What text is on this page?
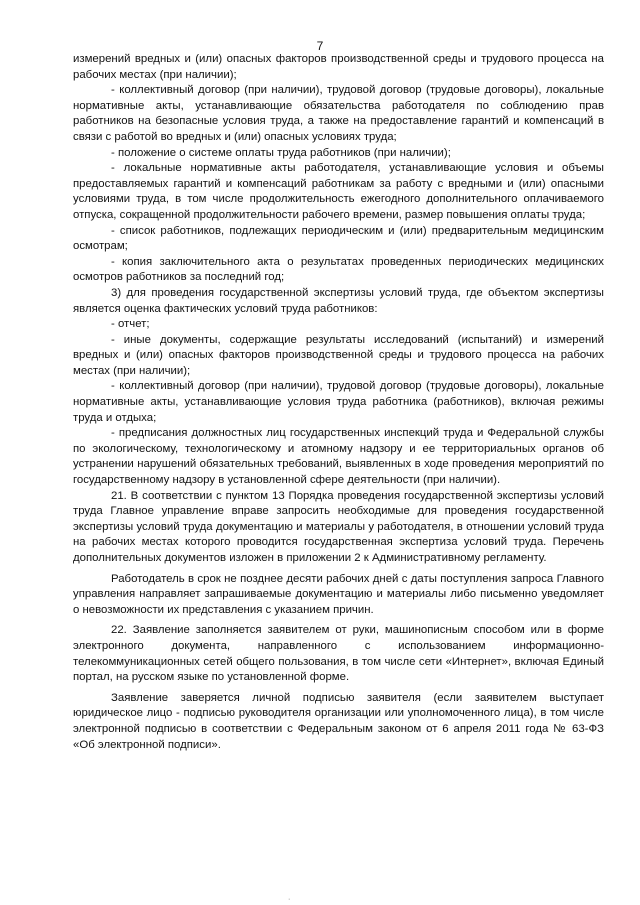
7

измерений вредных и (или) опасных факторов производственной среды и трудового процесса на рабочих местах (при наличии);

- коллективный договор (при наличии), трудовой договор (трудовые договоры), локальные нормативные акты, устанавливающие обязательства работодателя по соблюдению прав работников на безопасные условия труда, а также на предоставление гарантий и компенсаций в связи с работой во вредных и (или) опасных условиях труда;

- положение о системе оплаты труда работников (при наличии);

- локальные нормативные акты работодателя, устанавливающие условия и объемы предоставляемых гарантий и компенсаций работникам за работу с вредными и (или) опасными условиями труда, в том числе продолжительность ежегодного дополнительного оплачиваемого отпуска, сокращенной продолжительности рабочего времени, размер повышения оплаты труда;

- список работников, подлежащих периодическим и (или) предварительным медицинским осмотрам;

- копия заключительного акта о результатах проведенных периодических медицинских осмотров работников за последний год;

3) для проведения государственной экспертизы условий труда, где объектом экспертизы является оценка фактических условий труда работников:

- отчет;

- иные документы, содержащие результаты исследований (испытаний) и измерений вредных и (или) опасных факторов производственной среды и трудового процесса на рабочих местах (при наличии);

- коллективный договор (при наличии), трудовой договор (трудовые договоры), локальные нормативные акты, устанавливающие условия труда работника (работников), включая режимы труда и отдыха;

- предписания должностных лиц государственных инспекций труда и Федеральной службы по экологическому, технологическому и атомному надзору и ее территориальных органов об устранении нарушений обязательных требований, выявленных в ходе проведения мероприятий по государственному надзору в установленной сфере деятельности (при наличии).

21. В соответствии с пунктом 13 Порядка проведения государственной экспертизы условий труда Главное управление вправе запросить необходимые для проведения государственной экспертизы условий труда документацию и материалы у работодателя, в отношении условий труда на рабочих местах которого проводится государственная экспертиза условий труда. Перечень дополнительных документов изложен в приложении 2 к Административному регламенту.

Работодатель в срок не позднее десяти рабочих дней с даты поступления запроса Главного управления направляет запрашиваемые документацию и материалы либо письменно уведомляет о невозможности их представления с указанием причин.

22. Заявление заполняется заявителем от руки, машинописным способом или в форме электронного документа, направленного с использованием информационно-телекоммуникационных сетей общего пользования, в том числе сети «Интернет», включая Единый портал, на русском языке по установленной форме.

Заявление заверяется личной подписью заявителя (если заявителем выступает юридическое лицо - подписью руководителя организации или уполномоченного лица), в том числе электронной подписью в соответствии с Федеральным законом от 6 апреля 2011 года № 63-ФЗ «Об электронной подписи».

·
